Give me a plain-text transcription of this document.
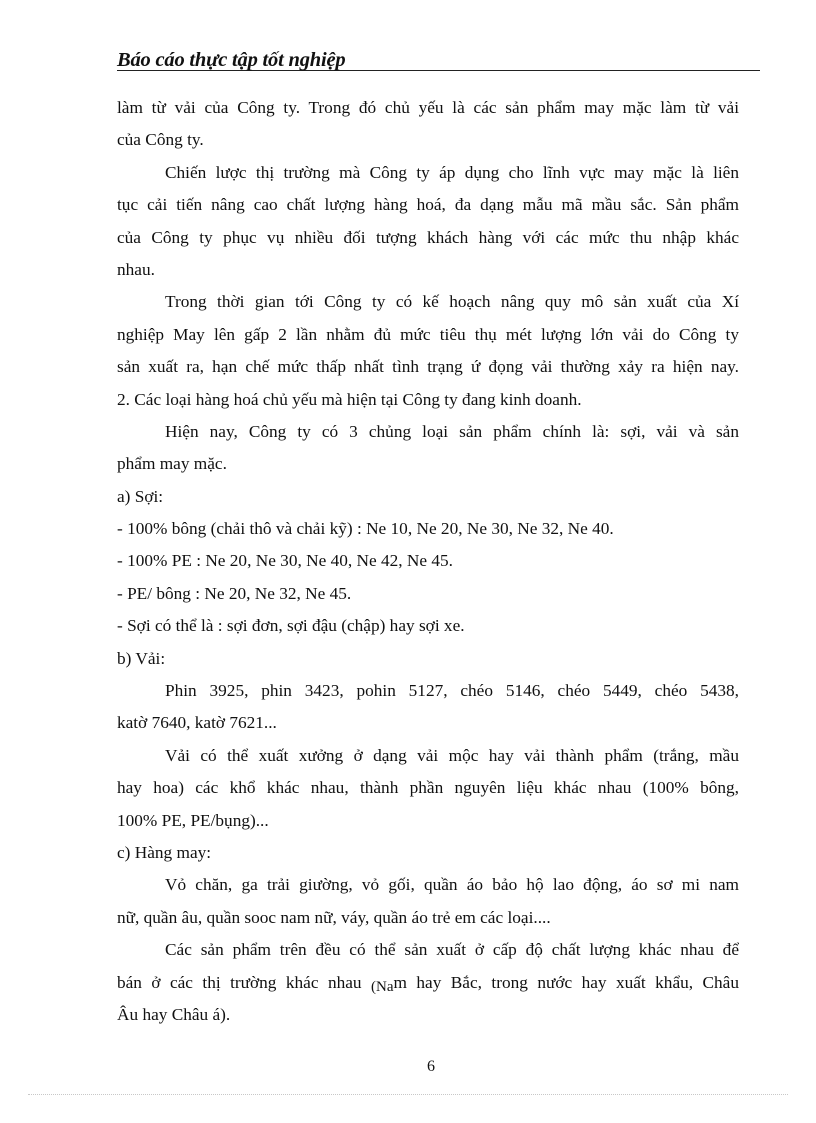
Báo cáo thực tập tốt nghiệp
làm từ vải của Công ty. Trong đó chủ yếu là các sản phẩm may mặc làm từ vải
của Công ty.
Chiến lược thị trường mà Công ty áp dụng cho lĩnh vực may mặc là liên
tục cải tiến nâng cao chất lượng hàng hoá, đa dạng mẫu mã mầu sắc. Sản phẩm
của Công ty phục vụ nhiều đối tượng khách hàng với các mức thu nhập khác
nhau.
Trong thời gian tới Công ty có kế hoạch nâng quy mô sản xuất của Xí
nghiệp May lên gấp 2 lần nhằm đủ mức tiêu thụ mét lượng lớn vải do Công ty
sản xuất ra, hạn chế mức thấp nhất tình trạng ứ đọng vải thường xảy ra hiện nay.
2. Các loại hàng hoá chủ yếu mà hiện tại Công ty đang kinh doanh.
Hiện nay, Công ty có 3 chủng loại sản phẩm chính là: sợi, vải và sản
phẩm may mặc.
a) Sợi:
- 100% bông (chải thô và chải kỹ) : Ne 10, Ne 20, Ne 30, Ne 32, Ne 40.
- 100% PE : Ne 20, Ne 30, Ne 40, Ne 42, Ne 45.
- PE/ bông : Ne 20, Ne 32, Ne 45.
- Sợi có thể là : sợi đơn, sợi đậu (chập) hay sợi xe.
b) Vải:
Phin 3925, phin 3423, pohin 5127, chéo 5146, chéo 5449, chéo 5438,
katờ 7640, katờ 7621...
Vải có thể xuất xưởng ở dạng vải mộc hay vải thành phẩm (trắng, mầu
hay hoa) các khổ khác nhau, thành phần nguyên liệu khác nhau (100% bông,
100% PE, PE/bụng)...
c) Hàng may:
Vỏ chăn, ga trải giường, vỏ gối, quần áo bảo hộ lao động, áo sơ mi nam
nữ, quần âu, quần sooc nam nữ, váy, quần áo trẻ em các loại....
Các sản phẩm trên đều có thể sản xuất ở cấp độ chất lượng khác nhau để
bán ở các thị trường khác nhau (Nam hay Bắc, trong nước hay xuất khẩu, Châu
Âu hay Châu á).
6
